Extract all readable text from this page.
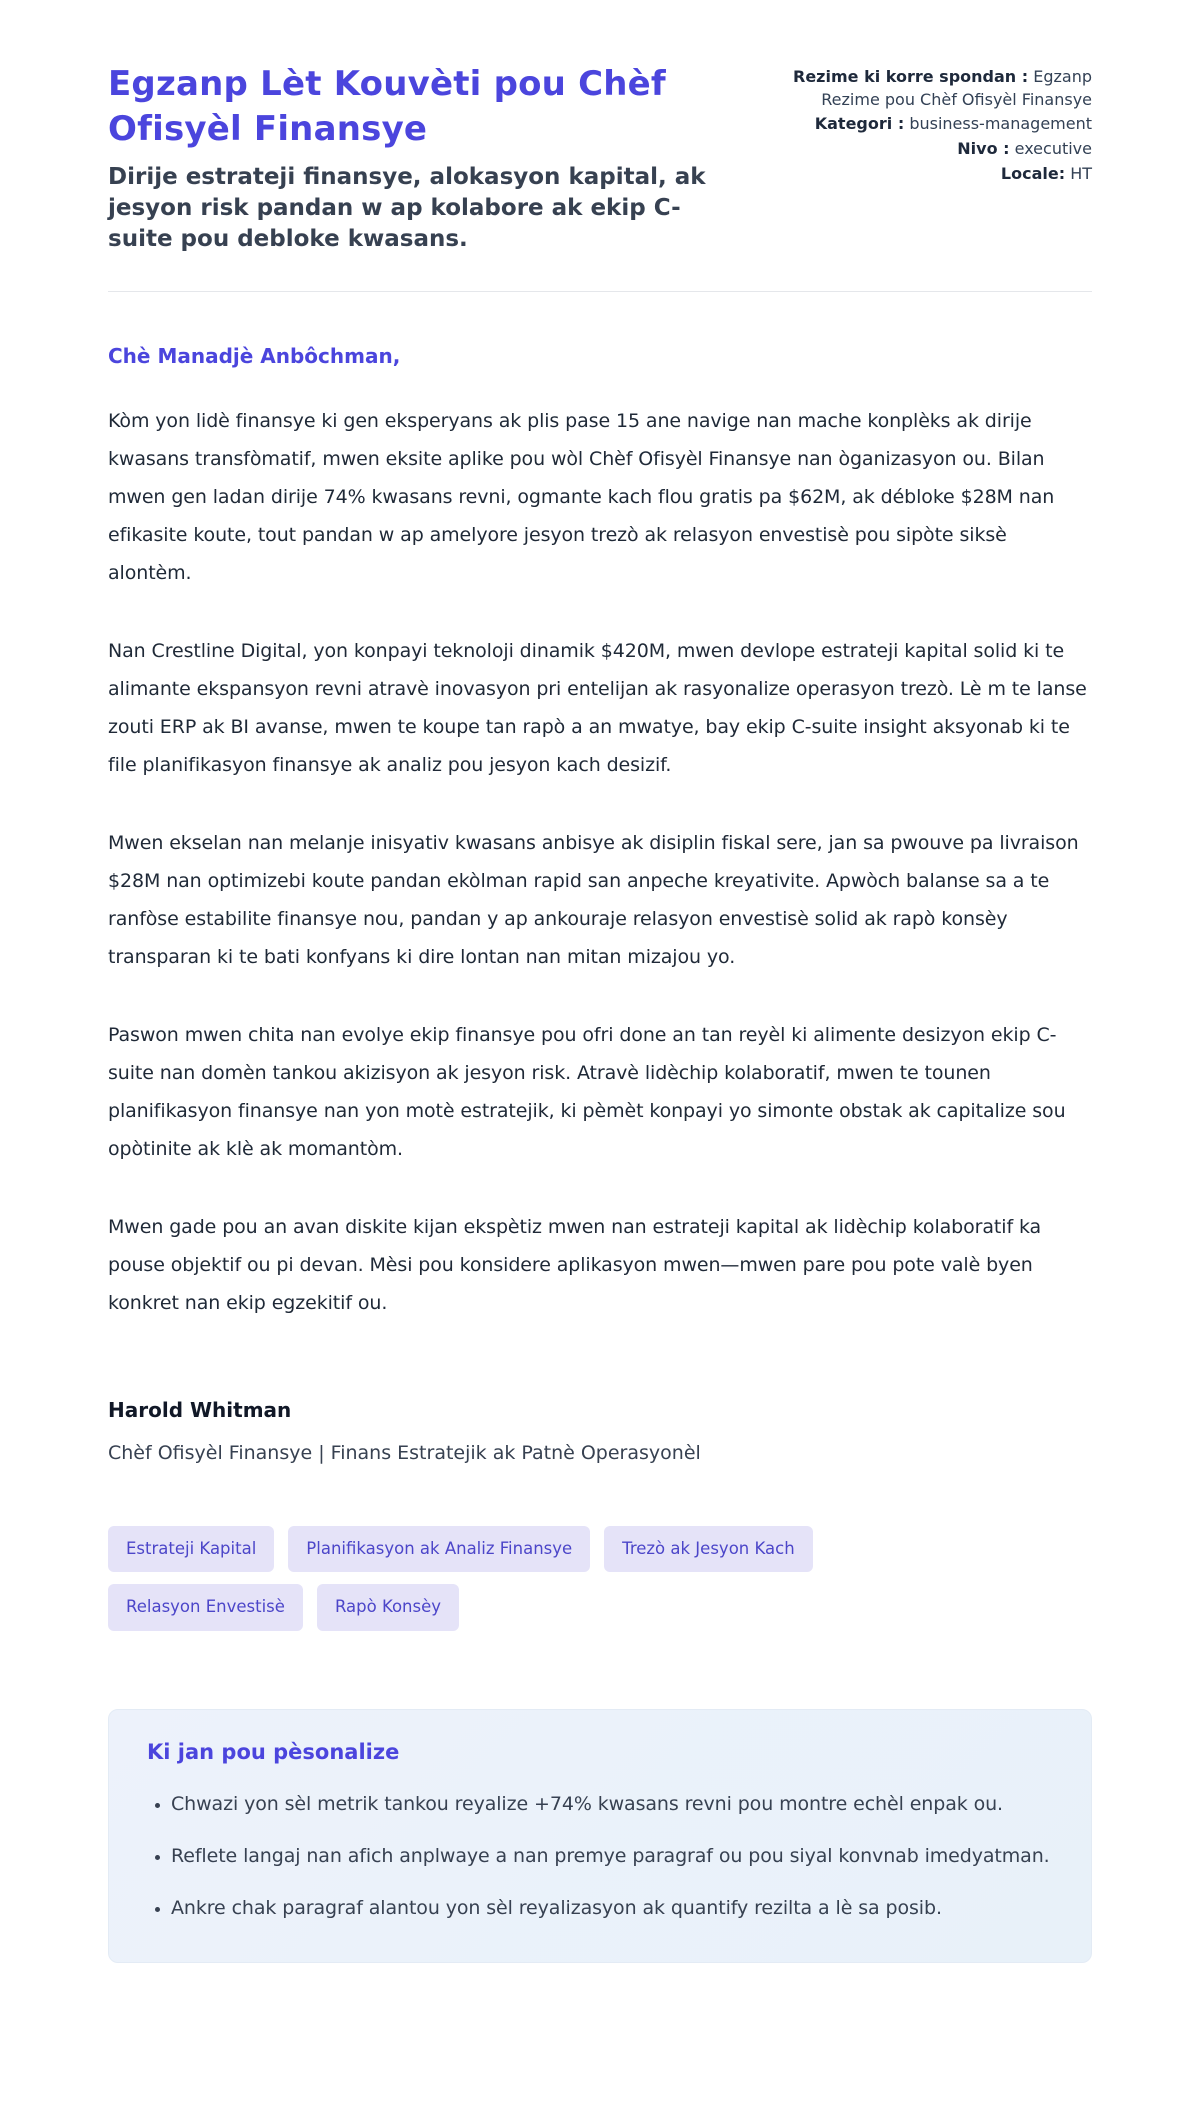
Egzanp Lèt Kouvèti pou Chèf Ofisyèl Finansye

Dirije estrateji finansye, alokasyon kapital, ak jesyon risk pandan w ap kolabore ak ekip C-suite pou debloke kwasans.

Rezime ki korre spondan : Egzanp Rezime pou Chèf Ofisyèl Finansye
Kategori : business-management
Nivo : executive
Locale: HT

Chè Manadjè Anbôchman,

Kòm yon lidè finansye ki gen eksperyans ak plis pase 15 ane navige nan mache konplèks ak dirije kwasans transfòmatif, mwen eksite aplike pou wòl Chèf Ofisyèl Finansye nan òganizasyon ou. Bilan mwen gen ladan dirije 74% kwasans revni, ogmante kach flou gratis pa $62M, ak débloke $28M nan efikasite koute, tout pandan w ap amelyore jesyon trezò ak relasyon envestisè pou sipòte siksè alontèm.

Nan Crestline Digital, yon konpayi teknoloji dinamik $420M, mwen devlope estrateji kapital solid ki te alimante ekspansyon revni atravè inovasyon pri entelijan ak rasyonalize operasyon trezò. Lè m te lanse zouti ERP ak BI avanse, mwen te koupe tan rapò a an mwatye, bay ekip C-suite insight aksyonab ki te file planifikasyon finansye ak analiz pou jesyon kach desizif.

Mwen ekselan nan melanje inisyativ kwasans anbisye ak disiplin fiskal sere, jan sa pwouve pa livraison $28M nan optimizebi koute pandan ekòlman rapid san anpeche kreyativite. Apwòch balanse sa a te ranfòse estabilite finansye nou, pandan y ap ankouraje relasyon envestisè solid ak rapò konsèy transparan ki te bati konfyans ki dire lontan nan mitan mizajou yo.

Paswon mwen chita nan evolye ekip finansye pou ofri done an tan reyèl ki alimente desizyon ekip C-suite nan domèn tankou akizisyon ak jesyon risk. Atravè lidèchip kolaboratif, mwen te tounen planifikasyon finansye nan yon motè estratejik, ki pèmèt konpayi yo simonte obstak ak capitalize sou opòtinite ak klè ak momantòm.

Mwen gade pou an avan diskite kijan ekspètiz mwen nan estrateji kapital ak lidèchip kolaboratif ka pouse objektif ou pi devan. Mèsi pou konsidere aplikasyon mwen—mwen pare pou pote valè byen konkret nan ekip egzekitif ou.

Harold Whitman
Chèf Ofisyèl Finansye | Finans Estratejik ak Patnè Operasyonèl
Estrateji Kapital	Planifikasyon ak Analiz Finansye	Trezò ak Jesyon Kach
Relasyon Envestisè	Rapò Konsèy
Ki jan pou pèsonalize
• Chwazi yon sèl metrik tankou reyalize +74% kwasans revni pou montre echèl enpak ou.
• Reflete langaj nan afich anplwaye a nan premye paragraf ou pou siyal konvnab imedyatman.
• Ankre chak paragraf alantou yon sèl reyalizasyon ak quantify rezilta a lè sa posib.
